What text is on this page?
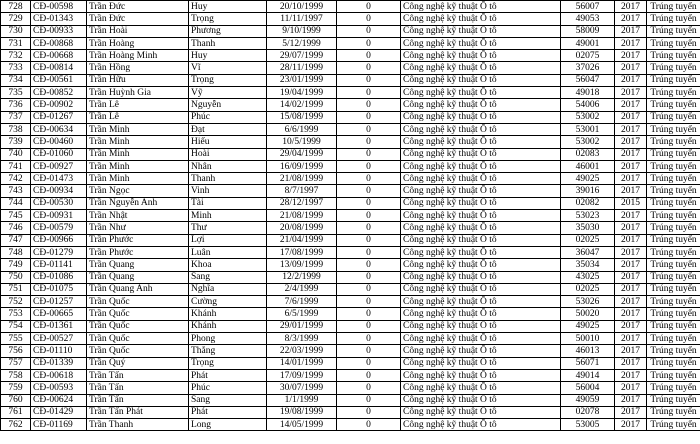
728	CĐ-00598	Trần Đức	Huy	20/10/1999	0	Công nghệ kỹ thuật Ô tô	56007	2017	Trúng tuyển
729	CĐ-01343	Trần Đức	Trọng	11/11/1997	0	Công nghệ kỹ thuật Ô tô	49053	2017	Trúng tuyển
730	CĐ-00933	Trần Hoài	Phương	9/10/1999	0	Công nghệ kỹ thuật Ô tô	58009	2017	Trúng tuyển
731	CĐ-00868	Trần Hoàng	Thanh	5/12/1999	0	Công nghệ kỹ thuật Ô tô	49001	2017	Trúng tuyển
732	CĐ-00668	Trần Hoàng Minh	Huy	29/07/1999	0	Công nghệ kỹ thuật Ô tô	02075	2017	Trúng tuyển
733	CĐ-00814	Trần Hồng	Vĩ	28/11/1999	0	Công nghệ kỹ thuật Ô tô	37026	2017	Trúng tuyển
734	CĐ-00561	Trần Hữu	Trọng	23/01/1999	0	Công nghệ kỹ thuật Ô tô	56047	2017	Trúng tuyển
735	CĐ-00852	Trần Huỳnh Gia	Vỹ	19/04/1999	0	Công nghệ kỹ thuật Ô tô	49018	2017	Trúng tuyển
736	CĐ-00902	Trần Lê	Nguyễn	14/02/1999	0	Công nghệ kỹ thuật Ô tô	54006	2017	Trúng tuyển
737	CĐ-01267	Trần Lê	Phúc	15/08/1999	0	Công nghệ kỹ thuật Ô tô	53002	2017	Trúng tuyển
738	CĐ-00634	Trần Minh	Đạt	6/6/1999	0	Công nghệ kỹ thuật Ô tô	53001	2017	Trúng tuyển
739	CĐ-00460	Trần Minh	Hiếu	10/5/1999	0	Công nghệ kỹ thuật Ô tô	53002	2017	Trúng tuyển
740	CĐ-01060	Trần Minh	Hoài	29/04/1999	0	Công nghệ kỹ thuật Ô tô	02083	2017	Trúng tuyển
741	CĐ-00927	Trần Minh	Nhân	16/09/1999	0	Công nghệ kỹ thuật Ô tô	46001	2017	Trúng tuyển
742	CĐ-01473	Trần Minh	Thanh	21/08/1999	0	Công nghệ kỹ thuật Ô tô	49025	2017	Trúng tuyển
743	CĐ-00934	Trần Ngọc	Vinh	8/7/1997	0	Công nghệ kỹ thuật Ô tô	39016	2017	Trúng tuyển
744	CĐ-00530	Trần Nguyễn Anh	Tài	28/12/1997	0	Công nghệ kỹ thuật Ô tô	02082	2015	Trúng tuyển
745	CĐ-00931	Trần Nhật	Minh	21/08/1999	0	Công nghệ kỹ thuật Ô tô	53023	2017	Trúng tuyển
746	CĐ-00579	Trần Như	Thư	20/08/1999	0	Công nghệ kỹ thuật Ô tô	35030	2017	Trúng tuyển
747	CĐ-00966	Trần Phước	Lợi	21/04/1999	0	Công nghệ kỹ thuật Ô tô	02025	2017	Trúng tuyển
748	CĐ-01279	Trần Phước	Luân	17/08/1999	0	Công nghệ kỹ thuật Ô tô	36047	2017	Trúng tuyển
749	CĐ-01141	Trần Quang	Khoa	13/09/1999	0	Công nghệ kỹ thuật Ô tô	35034	2017	Trúng tuyển
750	CĐ-01086	Trần Quang	Sang	12/2/1999	0	Công nghệ kỹ thuật Ô tô	43025	2017	Trúng tuyển
751	CĐ-01075	Trần Quang Anh	Nghĩa	2/4/1999	0	Công nghệ kỹ thuật Ô tô	02025	2017	Trúng tuyển
752	CĐ-01257	Trần Quốc	Cường	7/6/1999	0	Công nghệ kỹ thuật Ô tô	53026	2017	Trúng tuyển
753	CĐ-00665	Trần Quốc	Khánh	6/5/1999	0	Công nghệ kỹ thuật Ô tô	50020	2017	Trúng tuyển
754	CĐ-01361	Trần Quốc	Khánh	29/01/1999	0	Công nghệ kỹ thuật Ô tô	49025	2017	Trúng tuyển
755	CĐ-00527	Trần Quốc	Phong	8/3/1999	0	Công nghệ kỹ thuật Ô tô	50010	2017	Trúng tuyển
756	CĐ-01110	Trần Quốc	Thắng	22/03/1999	0	Công nghệ kỹ thuật Ô tô	46013	2017	Trúng tuyển
757	CĐ-01339	Trần Quý	Trọng	14/01/1999	0	Công nghệ kỹ thuật Ô tô	56071	2017	Trúng tuyển
758	CĐ-00618	Trần Tấn	Phát	17/09/1999	0	Công nghệ kỹ thuật Ô tô	49014	2017	Trúng tuyển
759	CĐ-00593	Trần Tấn	Phúc	30/07/1999	0	Công nghệ kỹ thuật Ô tô	56004	2017	Trúng tuyển
760	CĐ-00624	Trần Tấn	Sang	1/1/1999	0	Công nghệ kỹ thuật Ô tô	49059	2017	Trúng tuyển
761	CĐ-01429	Trần Tấn Phát	Phát	19/08/1999	0	Công nghệ kỹ thuật Ô tô	02078	2017	Trúng tuyển
762	CĐ-01169	Trần Thanh	Long	14/05/1999	0	Công nghệ kỹ thuật Ô tô	53005	2017	Trúng tuyển
